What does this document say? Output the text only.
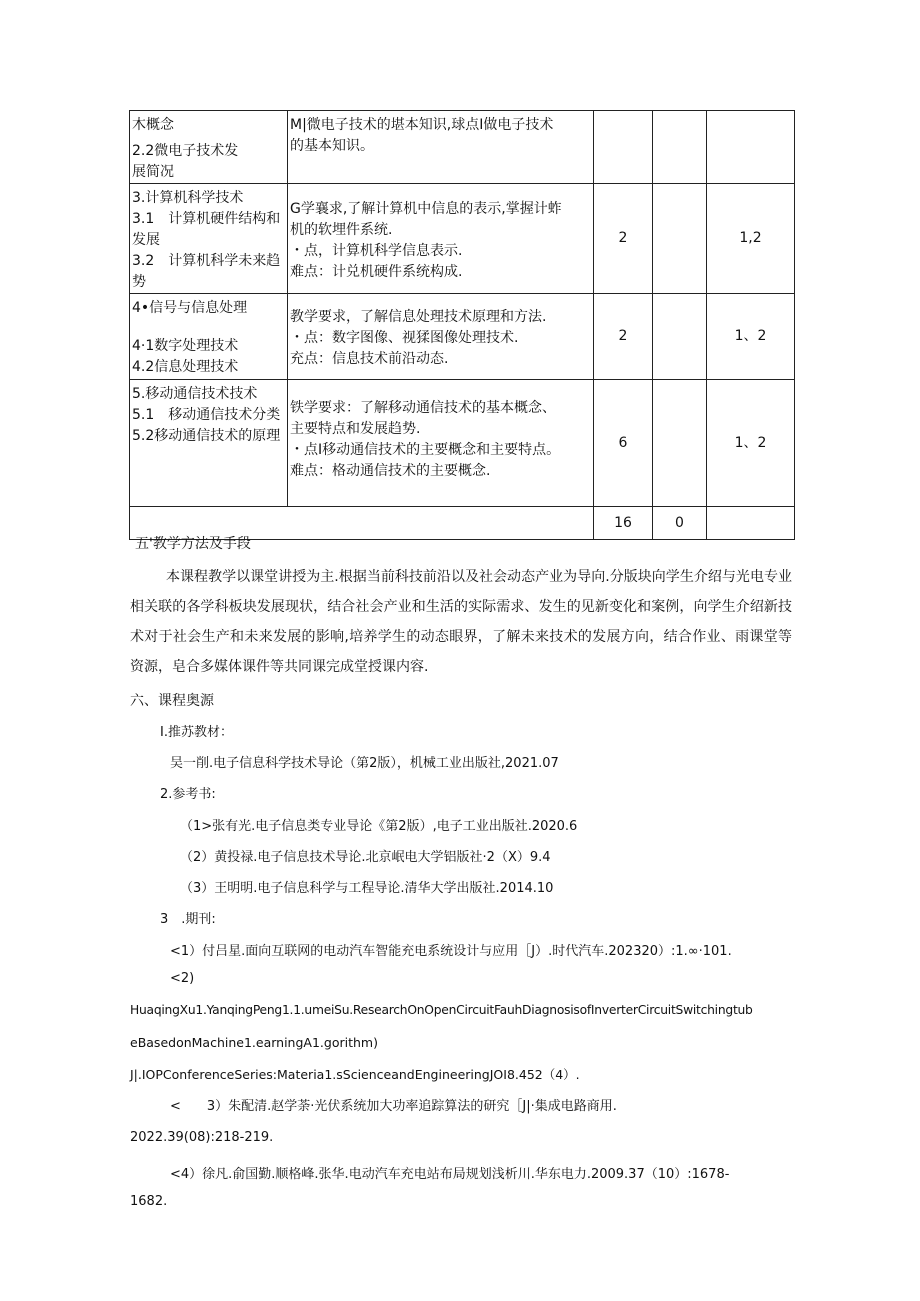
木概念
2.2微电子技术发
展简况	M|微电子技术的堪本知识,球点I做电子技术
的基本知识。			

3.计算机科学技术
3.1　计算机硬件结构和发展
3.2　计算机科学未来趋势	G学襄求,了解计算机中信息的表示,掌握计蚱
机的软埋件系统.
・点，计算机科学信息表示.
难点：计兑机硬件系统构成.	2		1,2

4•信号与信息处理
4·1数字处理技术
4.2信息处理技术	教学要求，了解信息处理技术原理和方法.
・点：数字图像、视猱图像处理技术.
充点：信息技术前沿动态.	2		1、2

5.移动通信技术技术
5.1　移动通信技术分类
5.2移动通信技术的原理	铁学要求：了解移动通信技术的基本概念、
主要特点和发展趋势.
・点I移动通信技术的主要概念和主要特点。
难点：格动通信技术的主要概念.	6		1、2
		16	0	
五'教学方法及手段
本课程教学以课堂讲授为主.根据当前科技前沿以及社会动态产业为导向.分版块向学生介绍与光电专业相关联的各学科板块发展现状，结合社会产业和生活的实际需求、发生的见新变化和案例，向学生介绍新技术对于社会生产和未来发展的影响,培养学生的动态眼界，了解未来技术的发展方向，结合作业、雨课堂等资源，皂合多媒体课件等共同课完成堂授课内容.
六、课程奥源
I.推苏教材：
吴一削.电子信息科学技术导论（第2版），机械工业出版社,2021.07
2.参考书:
（1>张有光.电子信息类专业导论《第2版）,电子工业出版社.2020.6
（2）黄投禄.电子信息技术导论.北京岷电大学铝版社·2（X）9.4
（3）王明明.电子信息科学与工程导论.清华大学出版社.2014.10
3　.期刊:
<1）付吕星.面向互联网的电动汽车智能充电系统设计与应用［J）.时代汽车.202320）:1.∞·101.
<2)
HuaqingXu1.YanqingPeng1.1.umeiSu.ResearchOnOpenCircuitFauhDiagnosisofInverterCircuitSwitchingtub
eBasedonMachine1.earningA1.gorithm)
J|.IOPConferenceSeries:Materia1.sScienceandEngineeringJOI8.452（4）.
<　　3）朱配清.赵学荼·光伏系统加大功率追踪算法的研究［J|·集成电路商用.
2022.39(08):218-219.
<4）徐凡.俞国勤.顺格峰.张华.电动汽车充电站布局规划浅析川.华东电力.2009.37（10）:1678-
1682.
